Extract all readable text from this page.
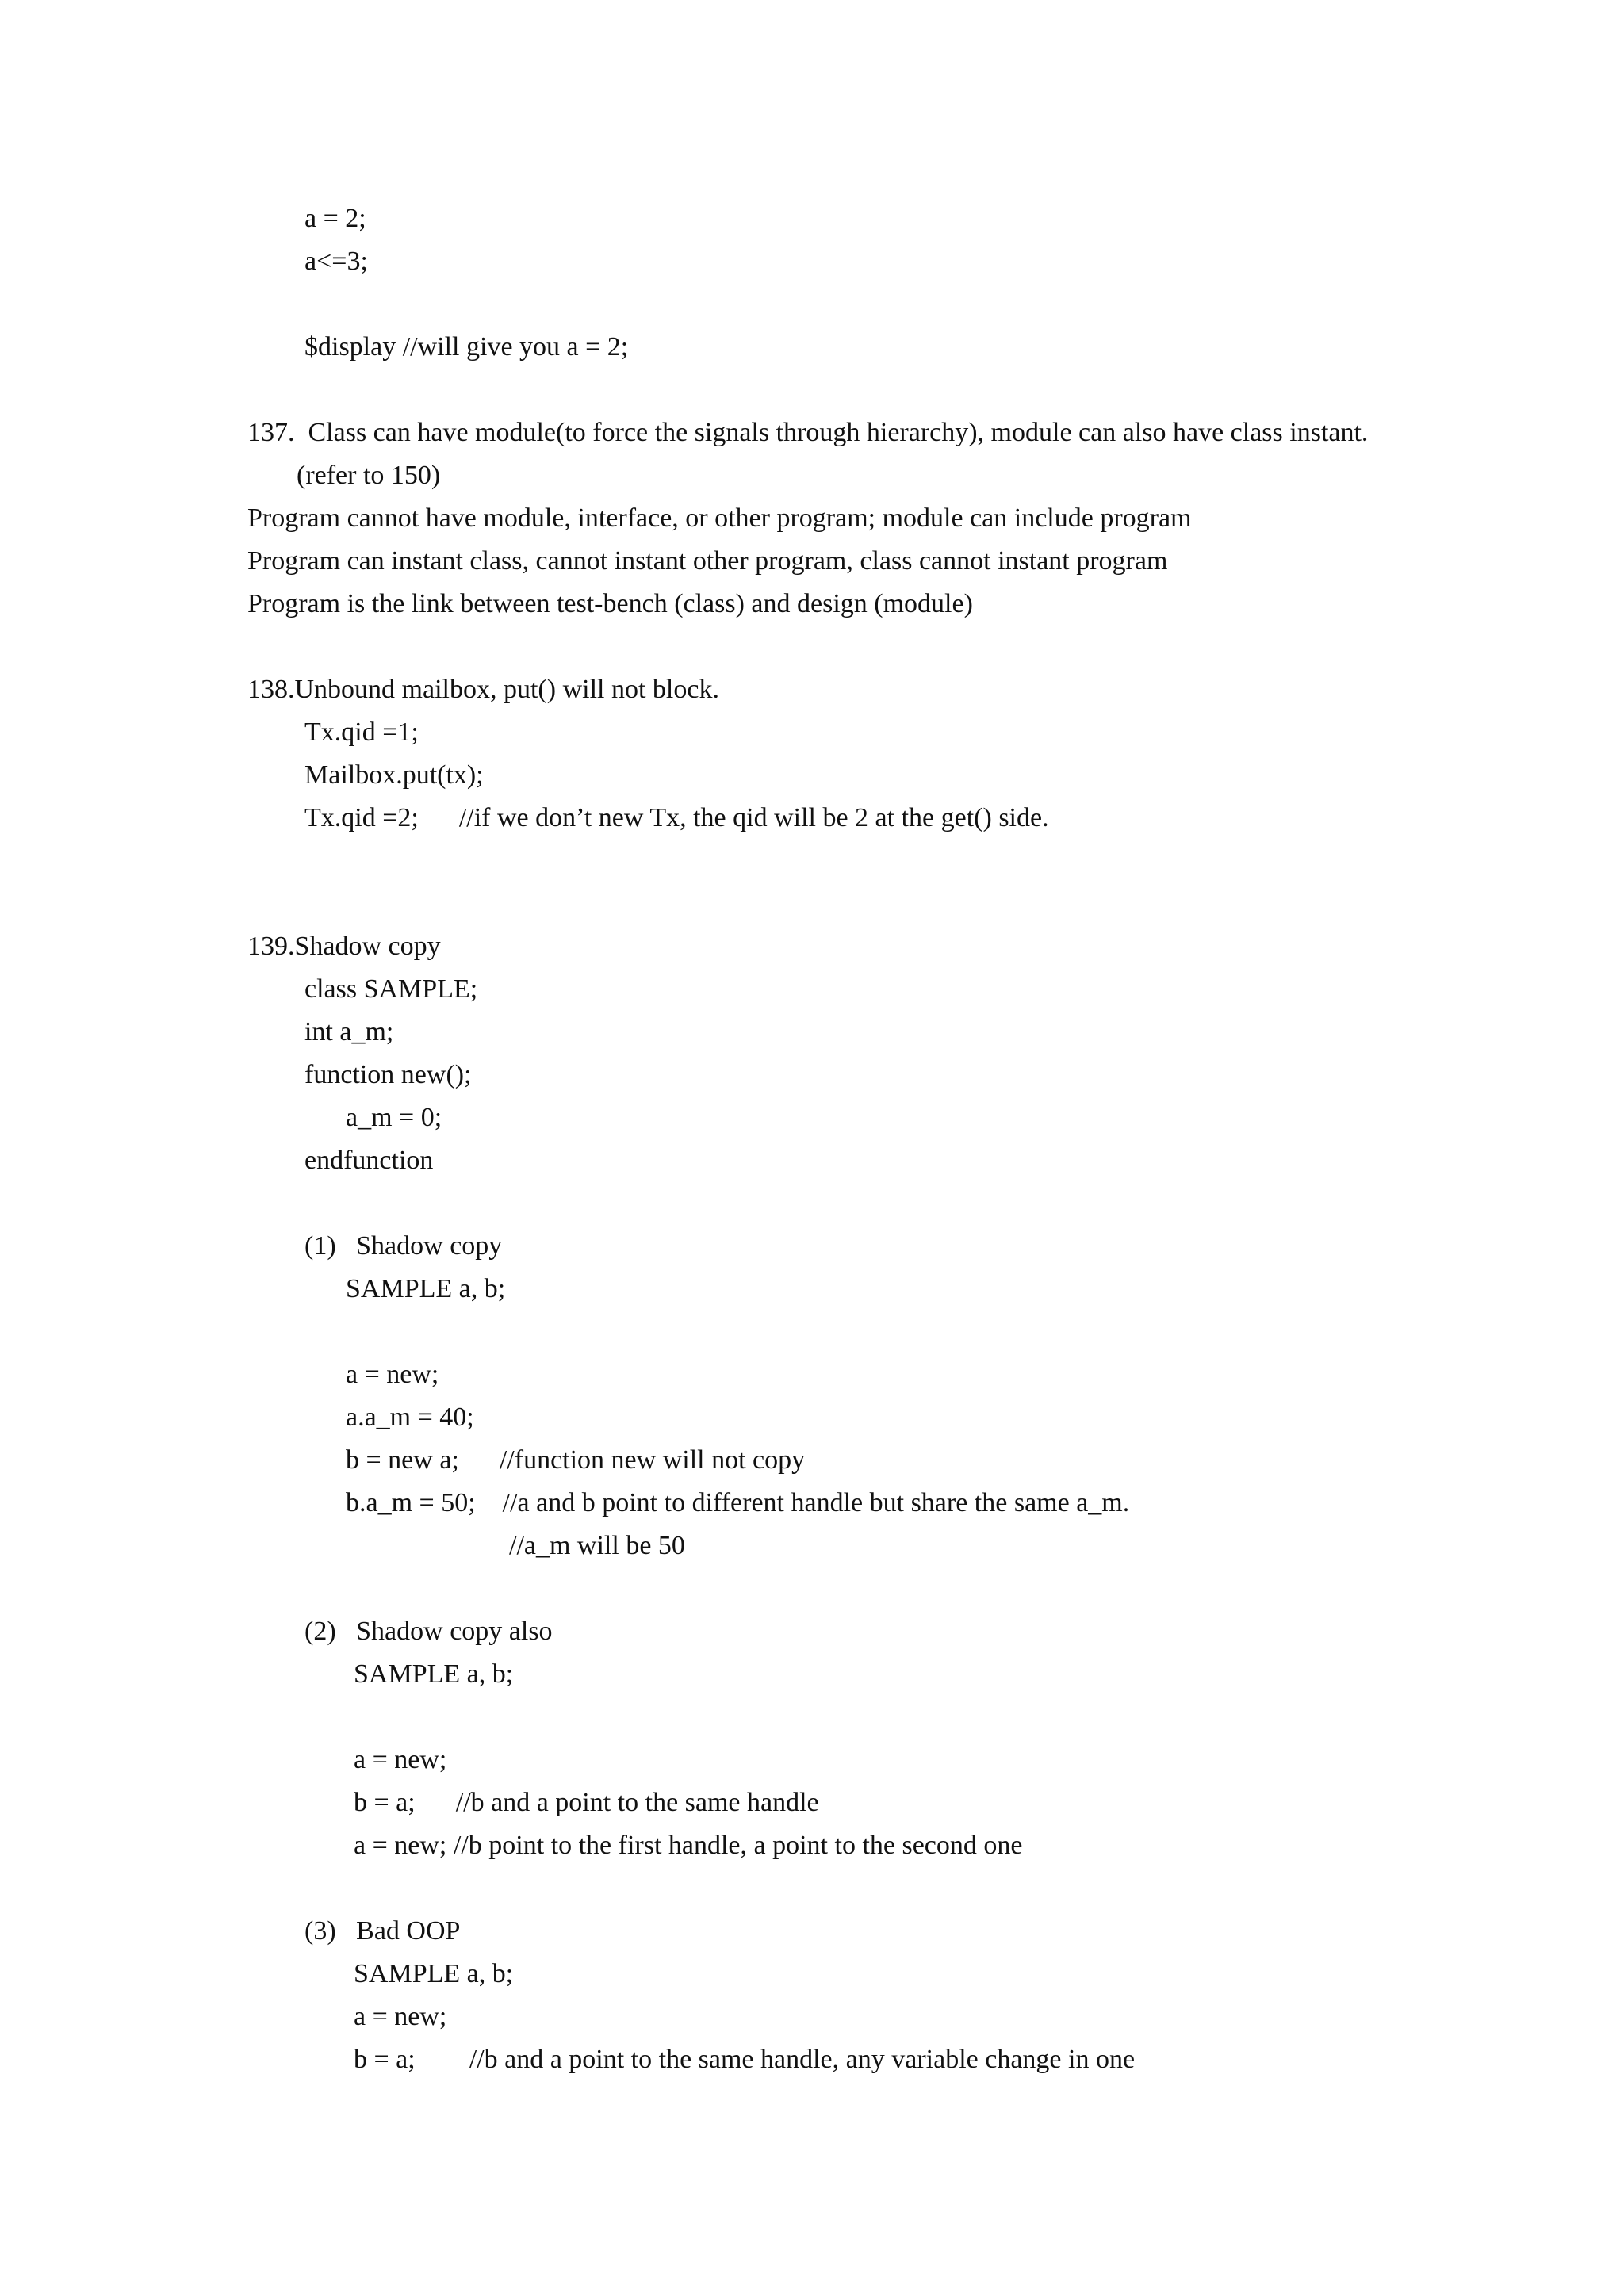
a = 2;

a<=3;

$display //will give you a = 2;

137.  Class can have module(to force the signals through hierarchy), module can also have class instant.

(refer to 150)

Program cannot have module, interface, or other program; module can include program

Program can instant class, cannot instant other program, class cannot instant program

Program is the link between test-bench (class) and design (module)

138.Unbound mailbox, put() will not block.

Tx.qid =1;

Mailbox.put(tx);

Tx.qid =2;      //if we don’t new Tx, the qid will be 2 at the get() side.

139.Shadow copy

class SAMPLE;

int a_m;

function new();

a_m = 0;

endfunction

(1)   Shadow copy

SAMPLE a, b;

a = new;

a.a_m = 40;

b = new a;      //function new will not copy

b.a_m = 50;    //a and b point to different handle but share the same a_m.

//a_m will be 50

(2)   Shadow copy also

SAMPLE a, b;

a = new;

b = a;      //b and a point to the same handle

a = new; //b point to the first handle, a point to the second one

(3)   Bad OOP

SAMPLE a, b;

a = new;

b = a;        //b and a point to the same handle, any variable change in one
